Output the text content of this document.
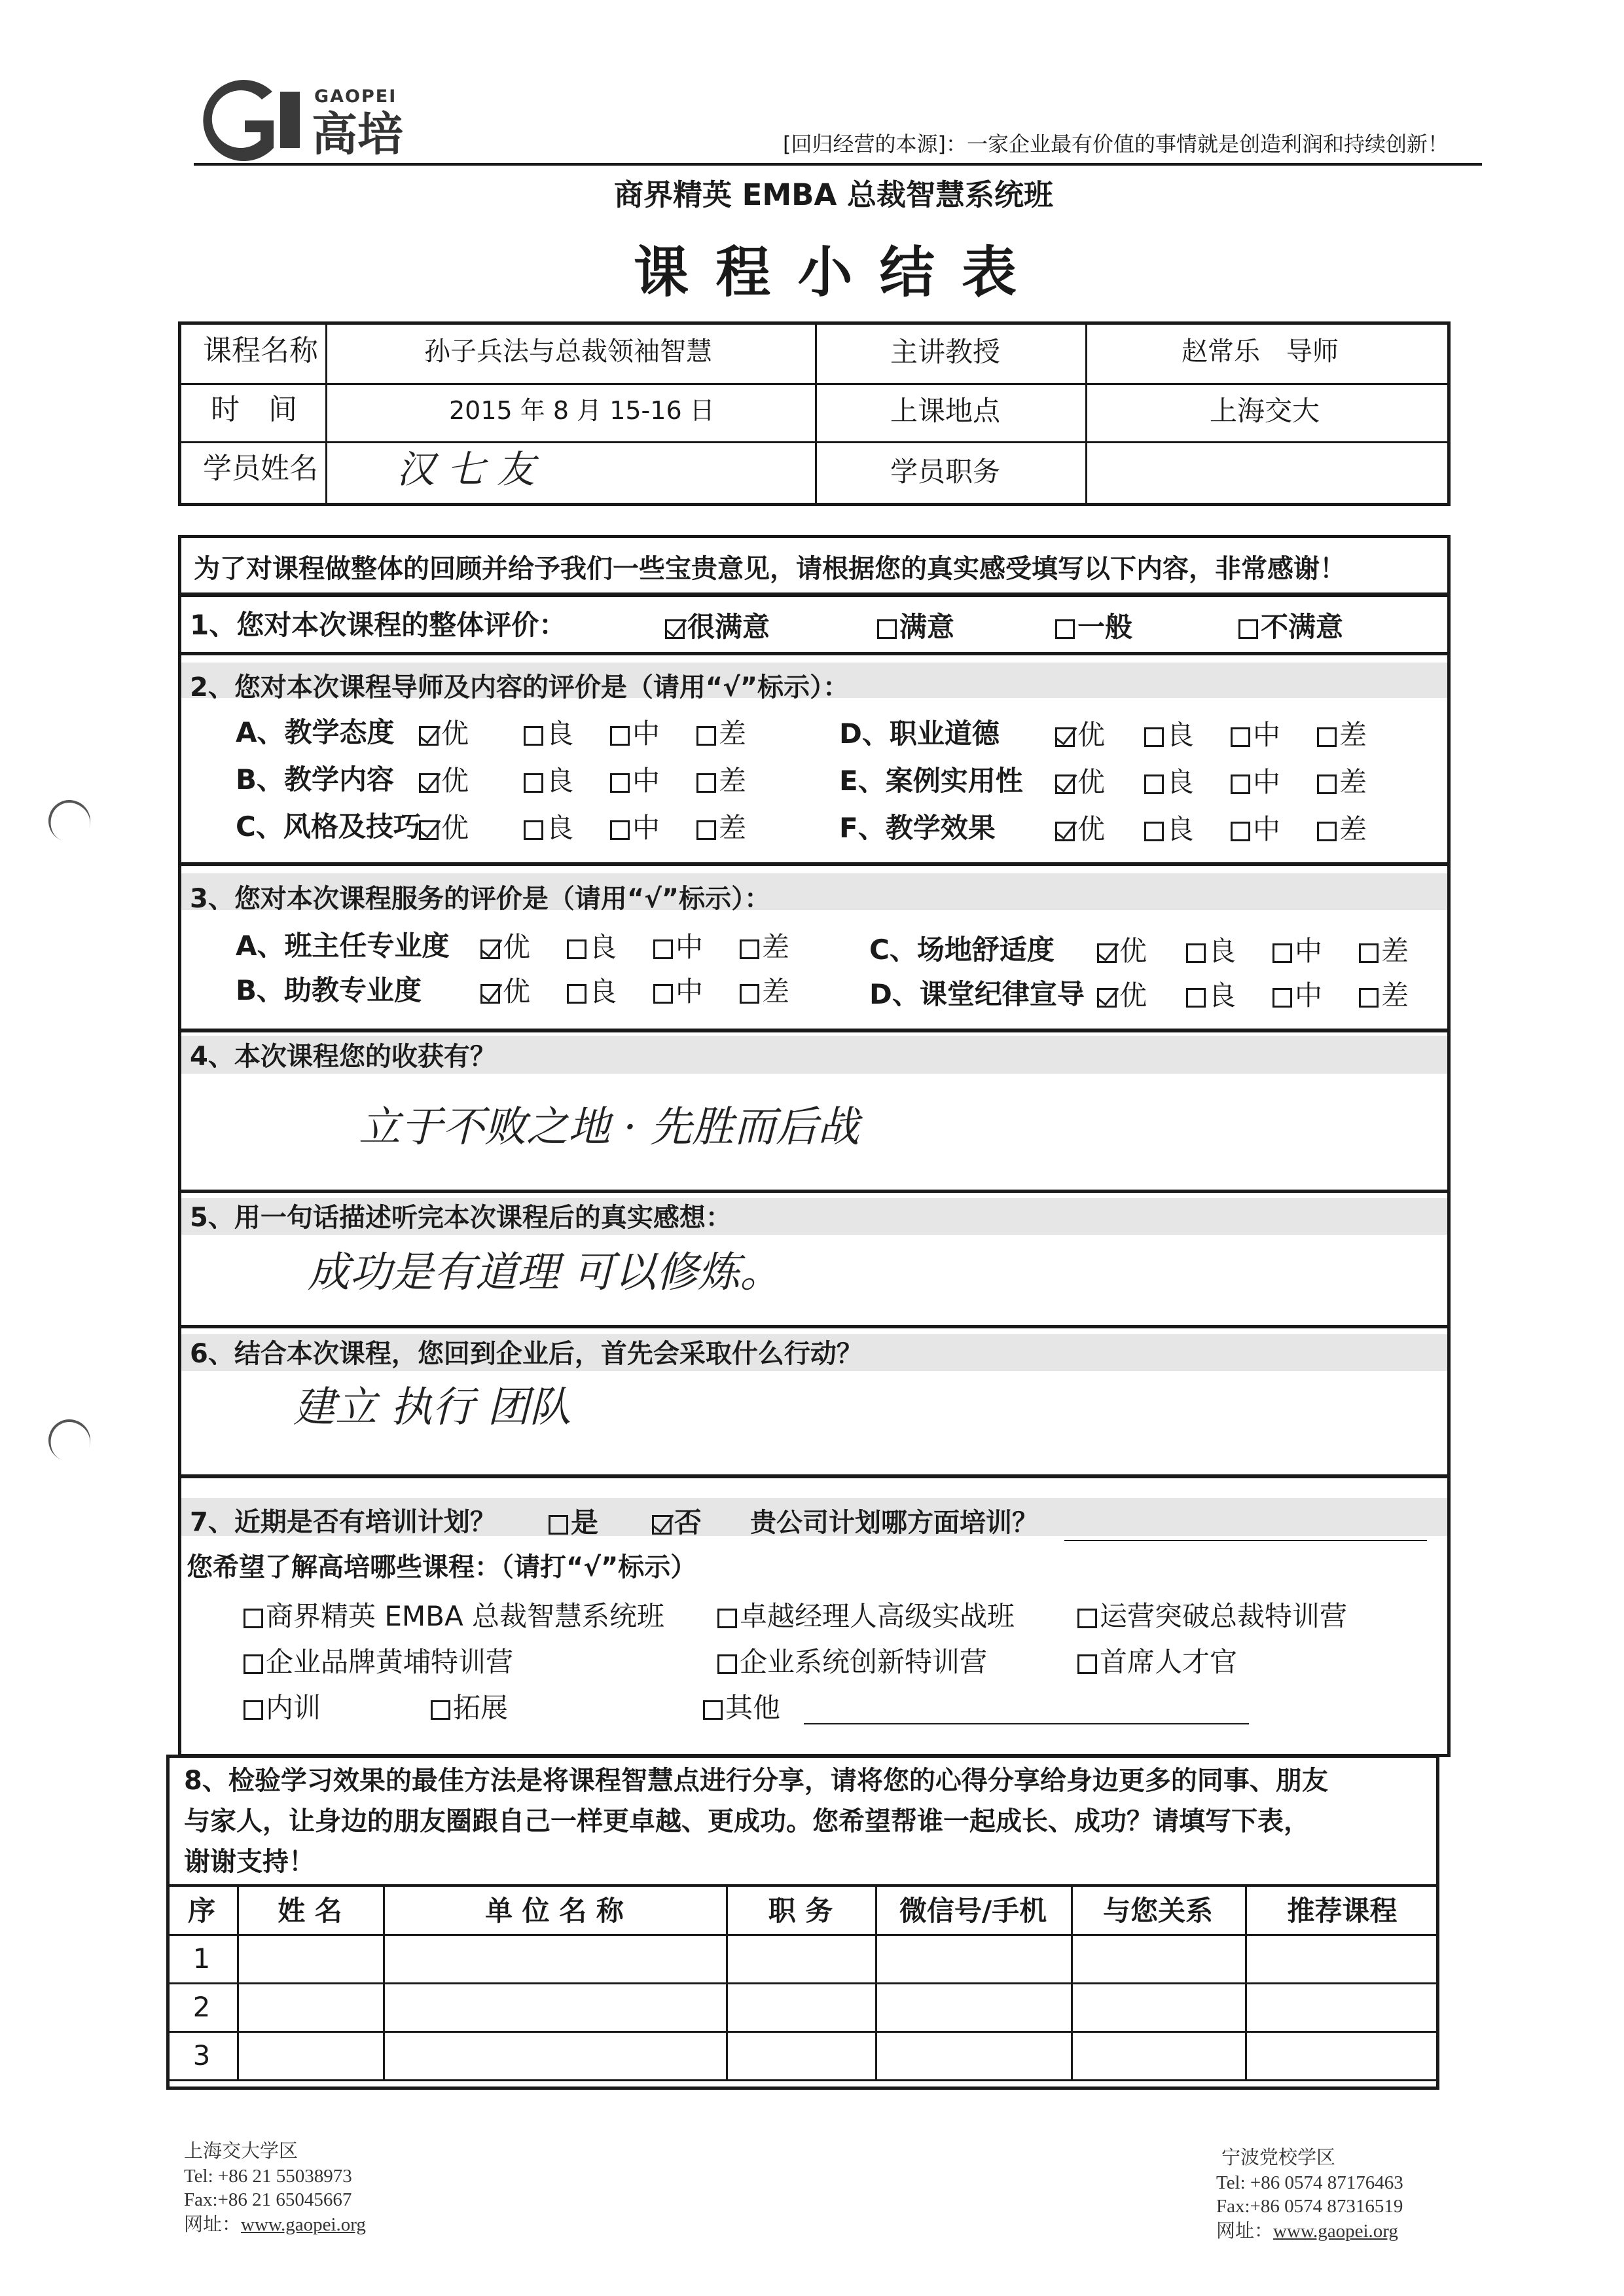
GAOPEI
高培	[回归经营的本源]：一家企业最有价值的事情就是创造利润和持续创新！
商界精英 EMBA 总裁智慧系统班
课 程 小 结 表
课程名称	孙子兵法与总裁领袖智慧	主讲教授	赵常乐　导师
时　间	2015 年 8 月 15-16 日	上课地点	上海交大
学员姓名 汉 七 友	学员职务
为了对课程做整体的回顾并给予我们一些宝贵意见，请根据您的真实感受填写以下内容，非常感谢！
1、您对本次课程的整体评价：	很满意	满意	一般	不满意
2、您对本次课程导师及内容的评价是（请用“√”标示）：
A、教学态度	优	良	中	差
B、教学内容	优	良	中	差
C、风格及技巧 优	良	中	差
D、职业道德	优	良	中	差
E、案例实用性	优	良	中	差
F、教学效果	优	良	中	差
3、您对本次课程服务的评价是（请用“√”标示）：
A、班主任专业度	优	良	中	差
B、助教专业度	优	良	中	差
C、场地舒适度	优	良	中	差
D、课堂纪律宣导	优	良	中	差
4、本次课程您的收获有？
立于不败之地 · 先胜而后战
5、用一句话描述听完本次课程后的真实感想：
成功是有道理 可以修炼。
6、结合本次课程，您回到企业后，首先会采取什么行动？
建立 执行 团队
7、近期是否有培训计划？	是	否 贵公司计划哪方面培训？
您希望了解高培哪些课程：（请打“√”标示）
商界精英 EMBA 总裁智慧系统班	卓越经理人高级实战班	运营突破总裁特训营
企业品牌黄埔特训营	企业系统创新特训营	首席人才官
内训	拓展	其他
8、检验学习效果的最佳方法是将课程智慧点进行分享，请将您的心得分享给身边更多的同事、朋友
与家人，让身边的朋友圈跟自己一样更卓越、更成功。您希望帮谁一起成长、成功？请填写下表，
谢谢支持！
序	姓 名	单 位 名 称	职 务	微信号/手机	与您关系	推荐课程
1
2
3
上海交大学区
Tel: +86 21 55038973
Fax:+86 21 65045667
网址：www.gaopei.org
宁波党校学区
Tel: +86 0574 87176463
Fax:+86 0574 87316519
网址：www.gaopei.org
